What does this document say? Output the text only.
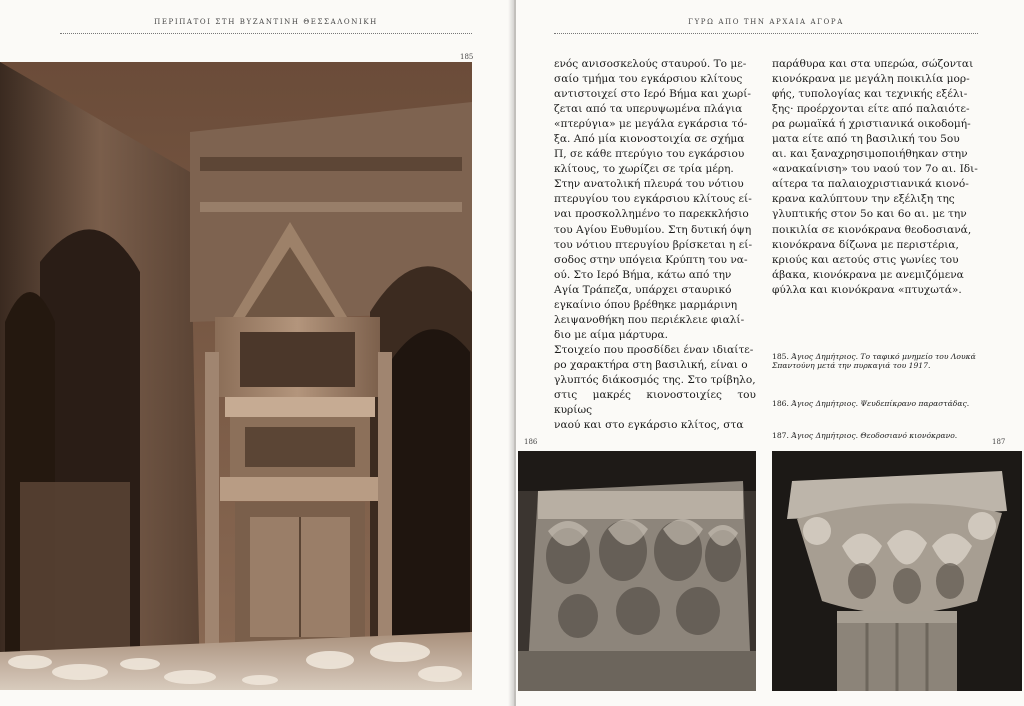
ΠΕΡΙΠΑΤΟΙ ΣΤΗ ΒΥΖΑΝΤΙΝΗ ΘΕΣΣΑΛΟΝΙΚΗ
185
ΓΥΡΩ ΑΠΟ ΤΗΝ ΑΡΧΑΙΑ ΑΓΟΡΑ
ενός ανισοσκελούς σταυρού. Το με-
σαίο τμήμα του εγκάρσιου κλίτους
αντιστοιχεί στο Ιερό Βήμα και χωρί-
ζεται από τα υπερυψωμένα πλάγια
«πτερύγια» με μεγάλα εγκάρσια τό-
ξα. Από μία κιονοστοιχία σε σχήμα
Π, σε κάθε πτερύγιο του εγκάρσιου
κλίτους, το χωρίζει σε τρία μέρη.
Στην ανατολική πλευρά του νότιου
πτερυγίου του εγκάρσιου κλίτους εί-
ναι προσκολλημένο το παρεκκλήσιο
του Αγίου Ευθυμίου. Στη δυτική όψη
του νότιου πτερυγίου βρίσκεται η εί-
σοδος στην υπόγεια Κρύπτη του να-
ού. Στο Ιερό Βήμα, κάτω από την
Αγία Τράπεζα, υπάρχει σταυρικό
εγκαίνιο όπου βρέθηκε μαρμάρινη
λειψανοθήκη που περιέκλειε φιαλί-
διο με αίμα μάρτυρα.
Στοιχείο που προσδίδει έναν ιδιαίτε-
ρο χαρακτήρα στη βασιλική, είναι ο
γλυπτός διάκοσμός της. Στο τρίβηλο,
στις μακρές κιονοστοιχίες του κυρίως
ναού και στο εγκάρσιο κλίτος, στα
παράθυρα και στα υπερώα, σώζονται
κιονόκρανα με μεγάλη ποικιλία μορ-
φής, τυπολογίας και τεχνικής εξέλι-
ξης· προέρχονται είτε από παλαιότε-
ρα ρωμαϊκά ή χριστιανικά οικοδομή-
ματα είτε από τη βασιλική του 5ου
αι. και ξαναχρησιμοποιήθηκαν στην
«ανακαίνιση» του ναού τον 7ο αι. Ιδι-
αίτερα τα παλαιοχριστιανικά κιονό-
κρανα καλύπτουν την εξέλιξη της
γλυπτικής στον 5ο και 6ο αι. με την
ποικιλία σε κιονόκρανα θεοδοσιανά,
κιονόκρανα δίζωνα με περιστέρια,
κριούς και αετούς στις γωνίες του
άβακα, κιονόκρανα με ανεμιζόμενα
φύλλα και κιονόκρανα «πτυχωτά».
185. Άγιος Δημήτριος. Το ταφικό μνημείο του Λουκά Σπαντούνη μετά την πυρκαγιά του 1917.
186. Άγιος Δημήτριος. Ψευδεπίκρανο παραστάδας.
187. Άγιος Δημήτριος. Θεοδοσιανό κιονόκρανο.
186	187
